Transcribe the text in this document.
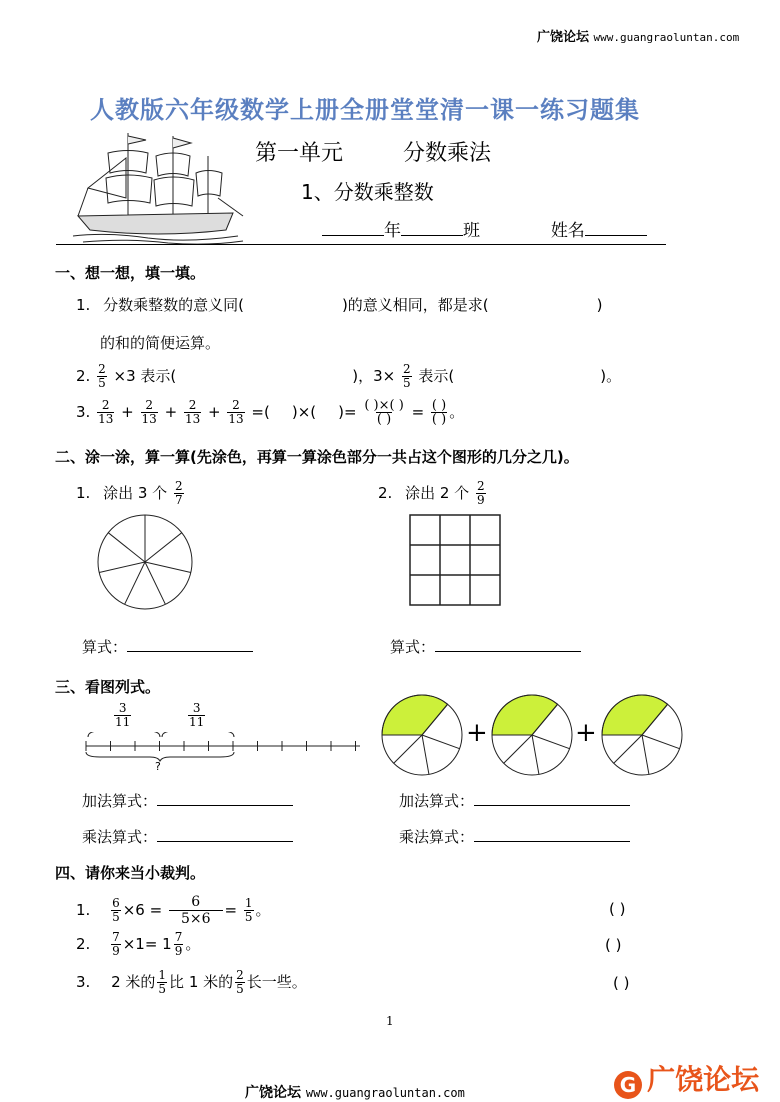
广饶论坛 www.guangraoluntan.com
人教版六年级数学上册全册堂堂清一课一练习题集
第一单元	分数乘法
1、分数乘整数
年	班	姓名
一、想一想，填一填。
1. 分数乘整数的意义同(	)的意义相同，都是求(	)
的和的简便运算。
2. $\frac{2}{5} \times 3$ 表示(	)，$3\times \frac{2}{5}$ 表示(	)。
3. $\frac{2}{13} + \frac{2}{13} + \frac{2}{13} + \frac{2}{13}$ =( )×( )= $\frac{( )\times( )}{( )} = \frac{( )}{( )}$ 。
二、涂一涂，算一算(先涂色，再算一算涂色部分一共占这个图形的几分之几)。
1. 涂出 3 个 $\frac{2}{7}$	2. 涂出 2 个 $\frac{2}{9}$
算式：	算式：
三、看图列式。
$\frac{3}{11}$	$\frac{3}{11}$
?
+	+
加法算式：
乘法算式：
加法算式：
乘法算式：
四、请你来当小裁判。
1. $\frac{6}{5} \times 6 = \frac{6}{5\times 6} = \frac{1}{5}$ 。	( )
2. $\frac{7}{9} \times 1= 1 \frac{7}{9}$ 。	( )
3. 2 米的 $\frac{1}{5}$ 比 1 米的 $\frac{2}{5}$ 长一些。	( )
1
广饶论坛 www.guangraoluntan.com	G 广饶论坛
